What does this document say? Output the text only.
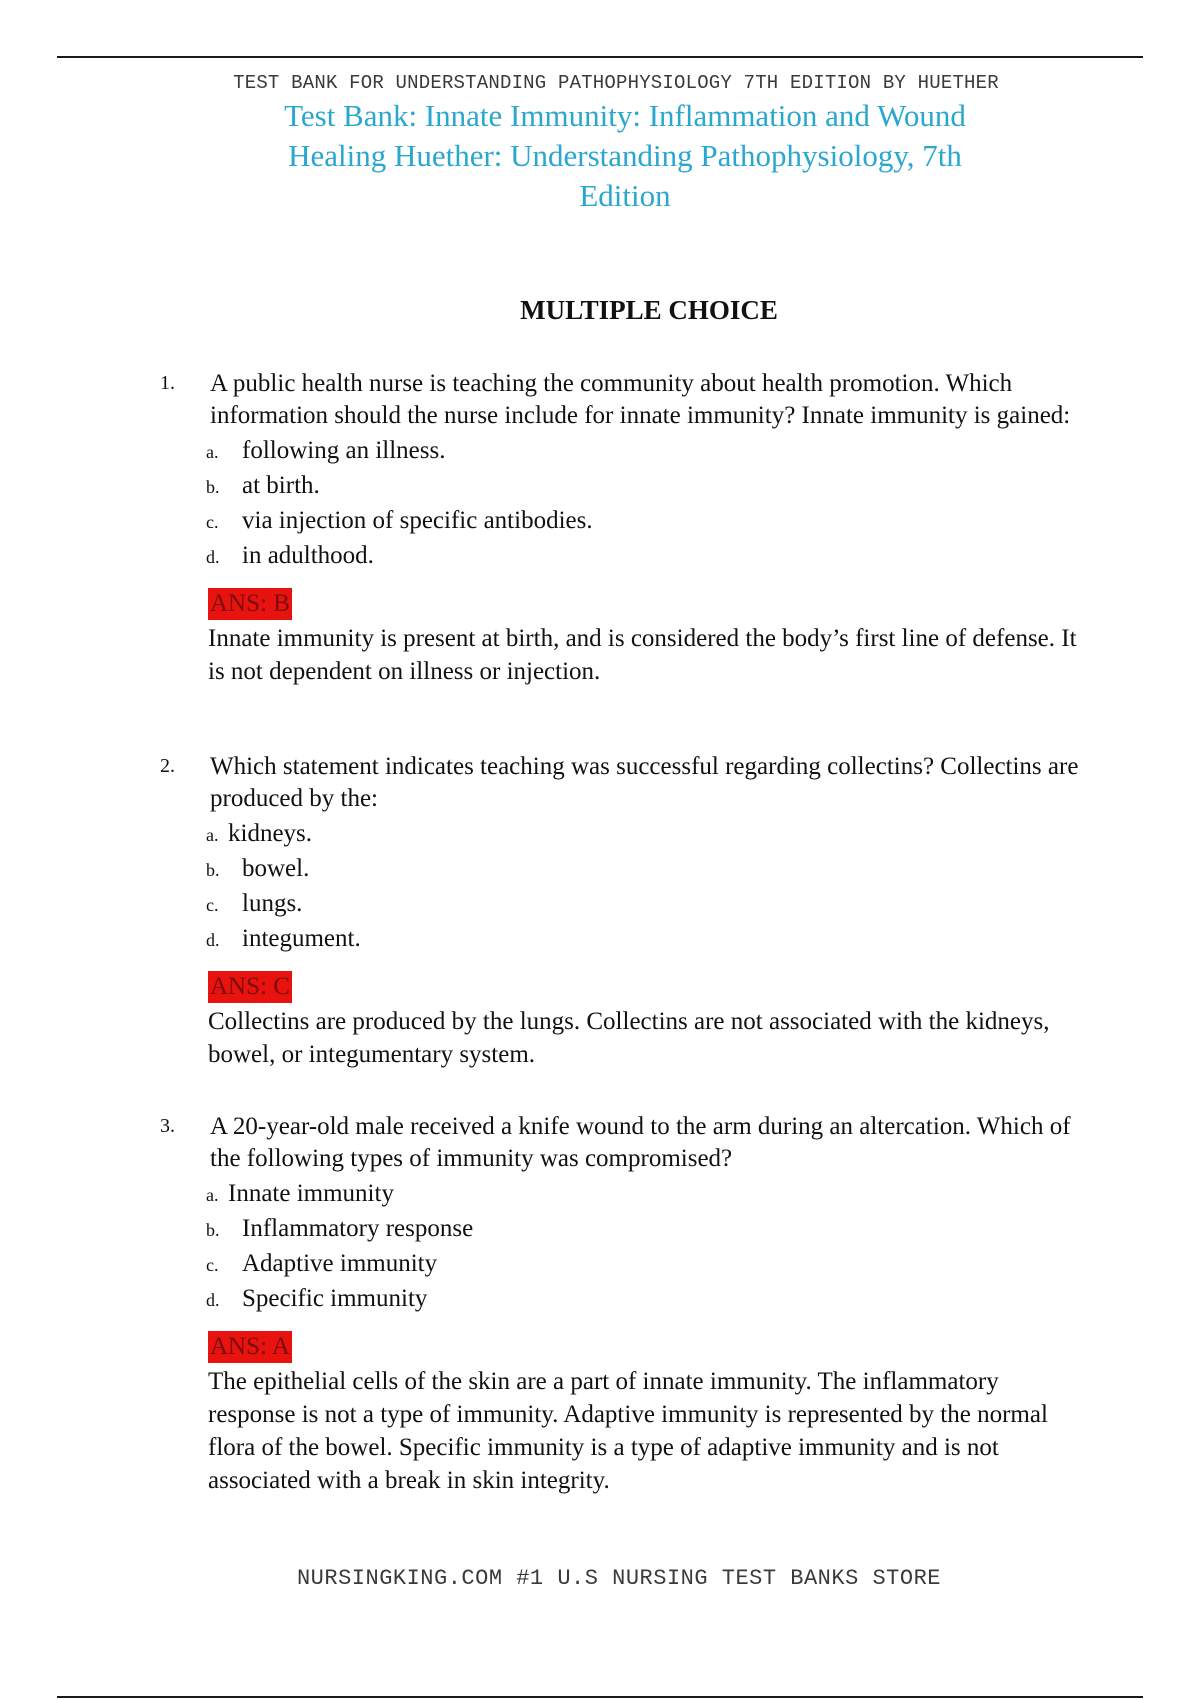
TEST BANK FOR UNDERSTANDING PATHOPHYSIOLOGY 7TH EDITION BY HUETHER
Test Bank: Innate Immunity: Inflammation and Wound
Healing Huether: Understanding Pathophysiology, 7th
Edition
MULTIPLE CHOICE
1. A public health nurse is teaching the community about health promotion. Which information should the nurse include for innate immunity? Innate immunity is gained:
a. following an illness.
b. at birth.
c. via injection of specific antibodies.
d. in adulthood.
ANS: B
Innate immunity is present at birth, and is considered the body’s first line of defense. It is not dependent on illness or injection.
2. Which statement indicates teaching was successful regarding collectins? Collectins are produced by the:
a. kidneys.
b. bowel.
c. lungs.
d. integument.
ANS: C
Collectins are produced by the lungs. Collectins are not associated with the kidneys, bowel, or integumentary system.
3. A 20-year-old male received a knife wound to the arm during an altercation. Which of the following types of immunity was compromised?
a. Innate immunity
b. Inflammatory response
c. Adaptive immunity
d. Specific immunity
ANS: A
The epithelial cells of the skin are a part of innate immunity. The inflammatory response is not a type of immunity. Adaptive immunity is represented by the normal flora of the bowel. Specific immunity is a type of adaptive immunity and is not associated with a break in skin integrity.
NURSINGKING.COM #1 U.S NURSING TEST BANKS STORE
